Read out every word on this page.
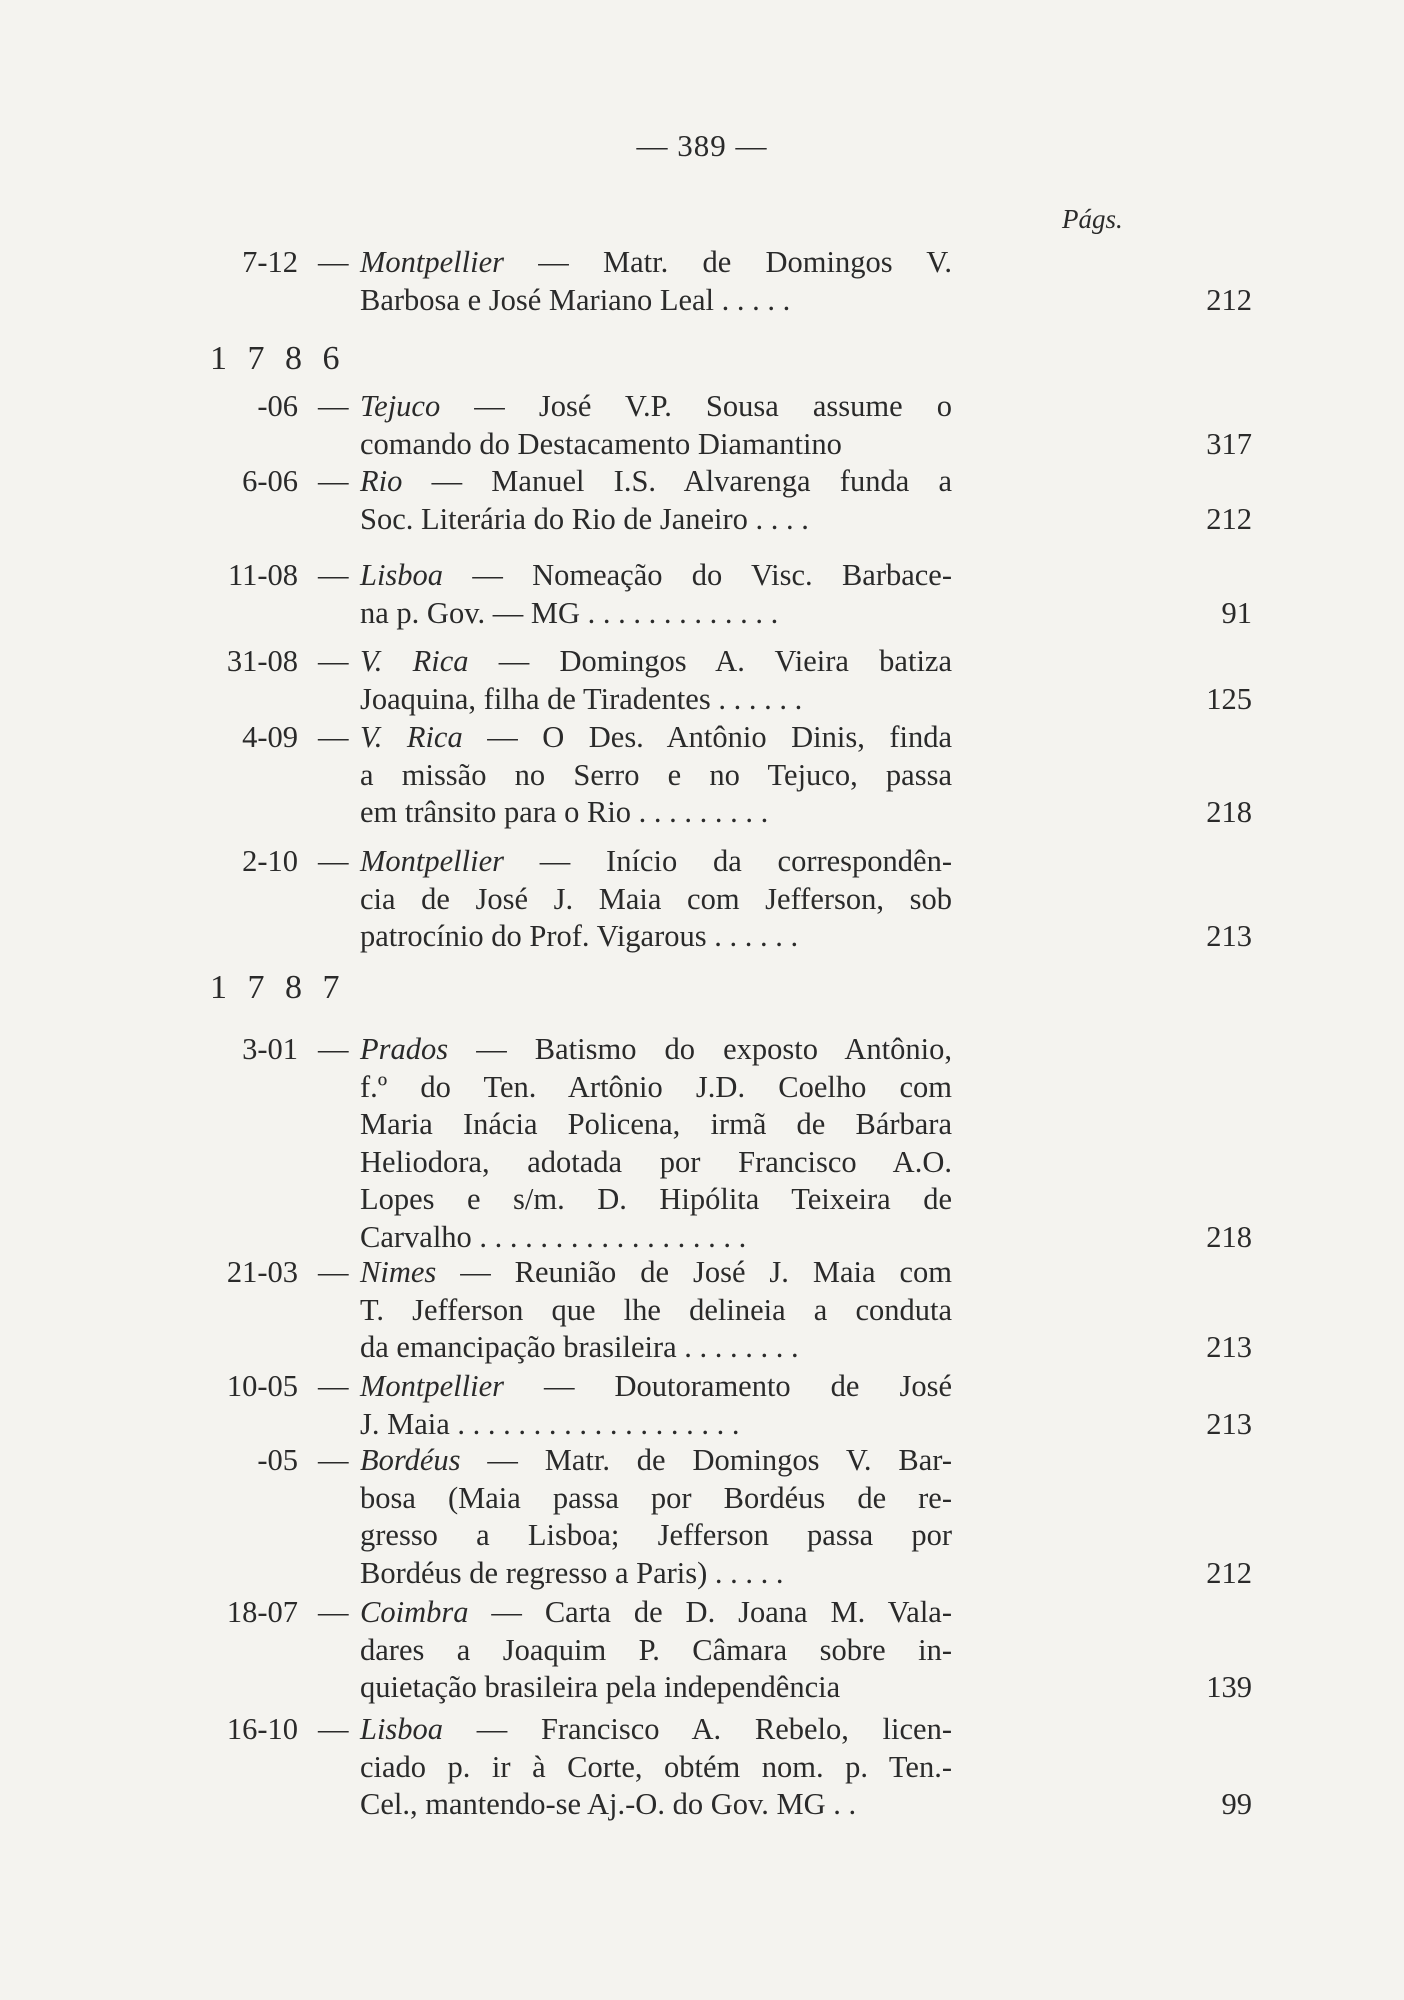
— 389 —
Págs.
1 7 8 6
1 7 8 7
7-12 — Montpellier — Matr. de Domingos V.
Barbosa e José Mariano Leal . . . . .	212
-06 — Tejuco — José V.P. Sousa assume o
comando do Destacamento Diamantino	317
6-06 — Rio — Manuel I.S. Alvarenga funda a
Soc. Literária do Rio de Janeiro . . . .	212
11-08 — Lisboa — Nomeação do Visc. Barbace-
na p. Gov. — MG . . . . . . . . . . . . .	91
31-08 — V. Rica — Domingos A. Vieira batiza
Joaquina, filha de Tiradentes . . . . . .	125
4-09 — V. Rica — O Des. Antônio Dinis, finda
a missão no Serro e no Tejuco, passa
em trânsito para o Rio . . . . . . . . .	218
2-10 — Montpellier — Início da correspondên-
cia de José J. Maia com Jefferson, sob
patrocínio do Prof. Vigarous . . . . . .	213
3-01 — Prados — Batismo do exposto Antônio,
f.º do Ten. Artônio J.D. Coelho com
Maria Inácia Policena, irmã de Bárbara
Heliodora, adotada por Francisco A.O.
Lopes e s/m. D. Hipólita Teixeira de
Carvalho . . . . . . . . . . . . . . . . . .	218
21-03 — Nimes — Reunião de José J. Maia com
T. Jefferson que lhe delineia a conduta
da emancipação brasileira . . . . . . . .	213
10-05 — Montpellier — Doutoramento de José
J. Maia . . . . . . . . . . . . . . . . . . .	213
-05 — Bordéus — Matr. de Domingos V. Bar-
bosa (Maia passa por Bordéus de re-
gresso a Lisboa; Jefferson passa por
Bordéus de regresso a Paris) . . . . .	212
18-07 — Coimbra — Carta de D. Joana M. Vala-
dares a Joaquim P. Câmara sobre in-
quietação brasileira pela independência	139
16-10 — Lisboa — Francisco A. Rebelo, licen-
ciado p. ir à Corte, obtém nom. p. Ten.-
Cel., mantendo-se Aj.-O. do Gov. MG . .	99
